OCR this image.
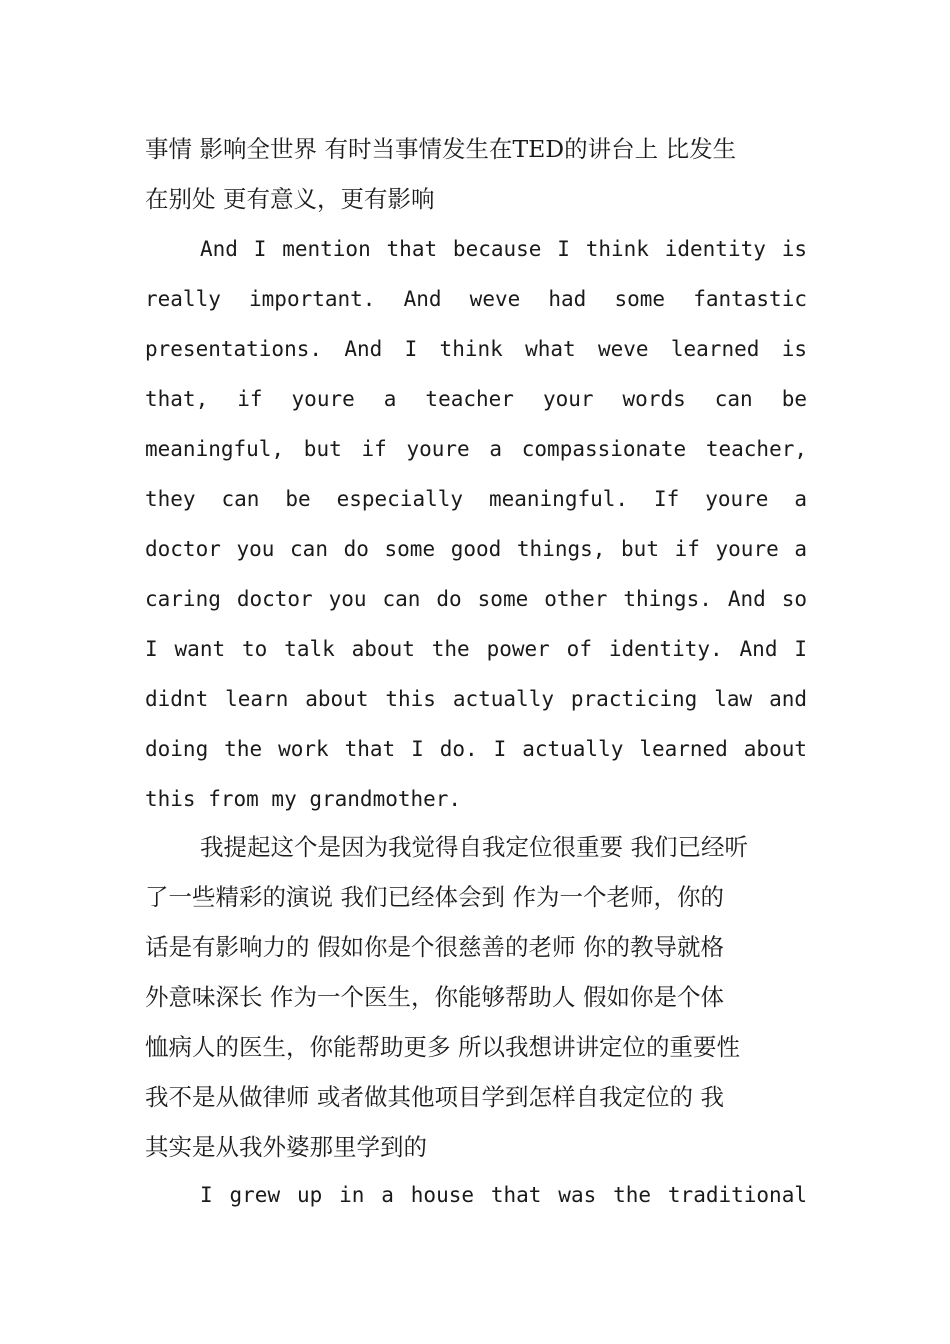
事情 影响全世界 有时当事情发生在TED的讲台上 比发生
在别处 更有意义，更有影响
And I mention that because I think identity is
really important. And weve had some fantastic
presentations. And I think what weve learned is
that, if youre a teacher your words can be
meaningful, but if youre a compassionate teacher,
they can be especially meaningful. If youre a
doctor you can do some good things, but if youre a
caring doctor you can do some other things. And so
I want to talk about the power of identity. And I
didnt learn about this actually practicing law and
doing the work that I do. I actually learned about
this from my grandmother.
我提起这个是因为我觉得自我定位很重要 我们已经听
了一些精彩的演说 我们已经体会到 作为一个老师，你的
话是有影响力的 假如你是个很慈善的老师 你的教导就格
外意味深长 作为一个医生，你能够帮助人 假如你是个体
恤病人的医生，你能帮助更多 所以我想讲讲定位的重要性
我不是从做律师 或者做其他项目学到怎样自我定位的 我
其实是从我外婆那里学到的
I grew up in a house that was the traditional
